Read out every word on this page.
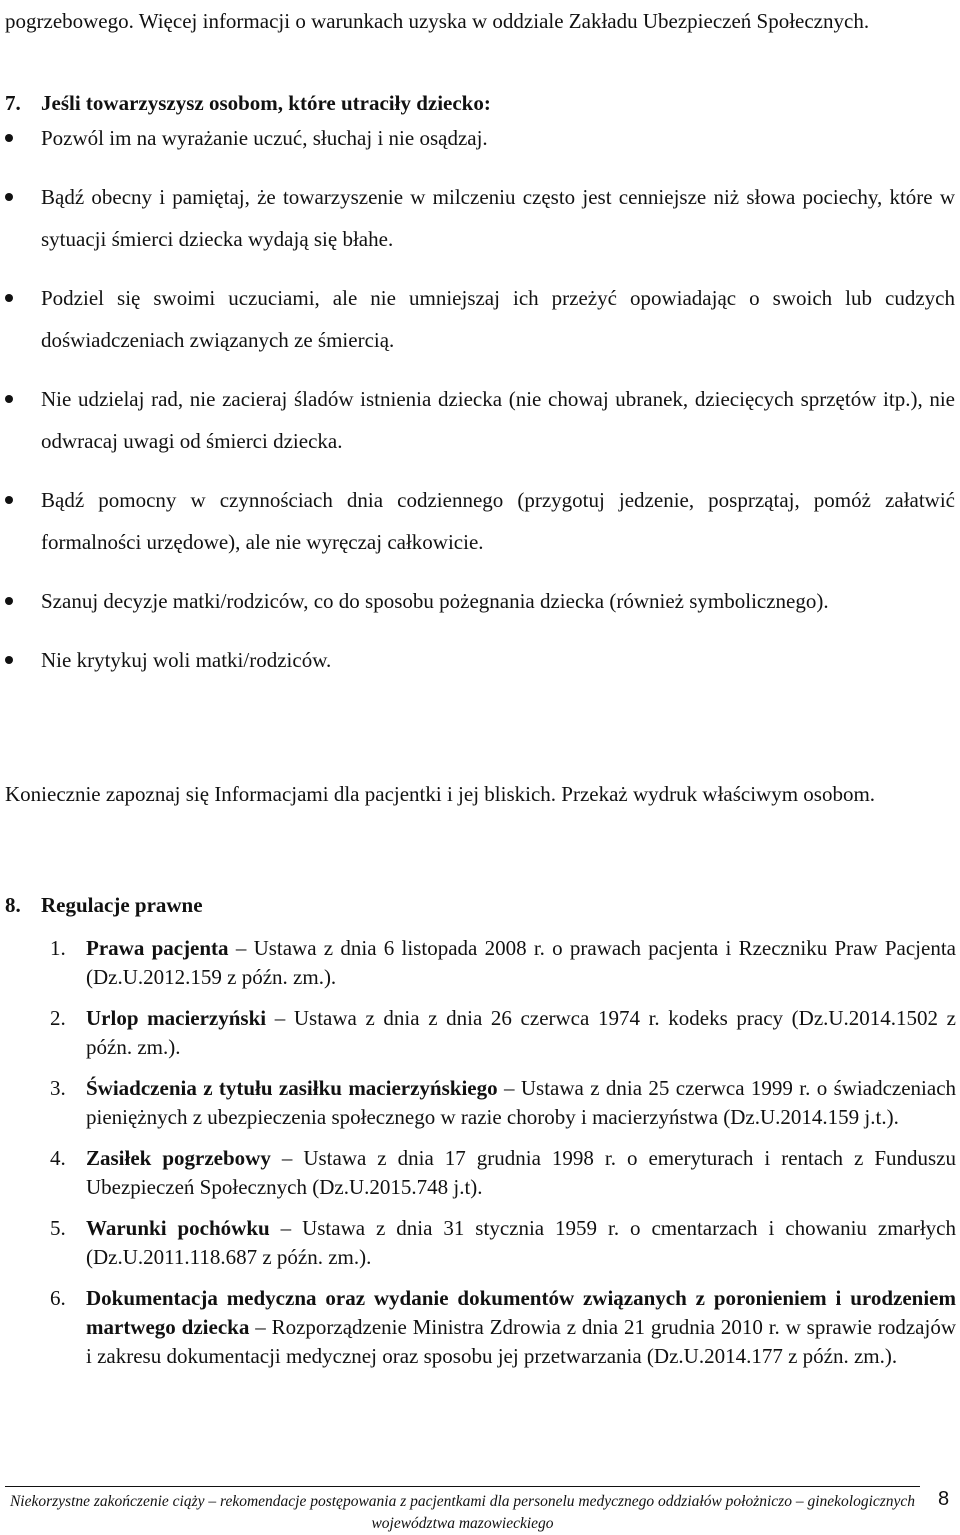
pogrzebowego. Więcej informacji o warunkach uzyska w oddziale Zakładu Ubezpieczeń Społecznych.

7. Jeśli towarzyszysz osobom, które utraciły dziecko:
Pozwól im na wyrażanie uczuć, słuchaj i nie osądzaj.
Bądź obecny i pamiętaj, że towarzyszenie w milczeniu często jest cenniejsze niż słowa pociechy, które w sytuacji śmierci dziecka wydają się błahe.
Podziel się swoimi uczuciami, ale nie umniejszaj ich przeżyć opowiadając o swoich lub cudzych doświadczeniach związanych ze śmiercią.
Nie udzielaj rad, nie zacieraj śladów istnienia dziecka (nie chowaj ubranek, dziecięcych sprzętów itp.), nie odwracaj uwagi od śmierci dziecka.
Bądź pomocny w czynnościach dnia codziennego (przygotuj jedzenie, posprzątaj, pomóż załatwić formalności urzędowe), ale nie wyręczaj całkowicie.
Szanuj decyzje matki/rodziców, co do sposobu pożegnania dziecka (również symbolicznego).
Nie krytykuj woli matki/rodziców.

Koniecznie zapoznaj się Informacjami dla pacjentki i jej bliskich. Przekaż wydruk właściwym osobom.

8. Regulacje prawne
1. Prawa pacjenta – Ustawa z dnia 6 listopada 2008 r. o prawach pacjenta i Rzeczniku Praw Pacjenta (Dz.U.2012.159 z późn. zm.).
2. Urlop macierzyński – Ustawa z dnia z dnia 26 czerwca 1974 r. kodeks pracy (Dz.U.2014.1502 z późn. zm.).
3. Świadczenia z tytułu zasiłku macierzyńskiego – Ustawa z dnia 25 czerwca 1999 r. o świadczeniach pieniężnych z ubezpieczenia społecznego w razie choroby i macierzyństwa (Dz.U.2014.159 j.t.).
4. Zasiłek pogrzebowy – Ustawa z dnia 17 grudnia 1998 r. o emeryturach i rentach z Funduszu Ubezpieczeń Społecznych (Dz.U.2015.748 j.t).
5. Warunki pochówku – Ustawa z dnia 31 stycznia 1959 r. o cmentarzach i chowaniu zmarłych (Dz.U.2011.118.687 z późn. zm.).
6. Dokumentacja medyczna oraz wydanie dokumentów związanych z poronieniem i urodzeniem martwego dziecka – Rozporządzenie Ministra Zdrowia z dnia 21 grudnia 2010 r. w sprawie rodzajów i zakresu dokumentacji medycznej oraz sposobu jej przetwarzania (Dz.U.2014.177 z późn. zm.).
Niekorzystne zakończenie ciąży – rekomendacje postępowania z pacjentkami dla personelu medycznego oddziałów położniczo – ginekologicznych województwa mazowieckiego
8
